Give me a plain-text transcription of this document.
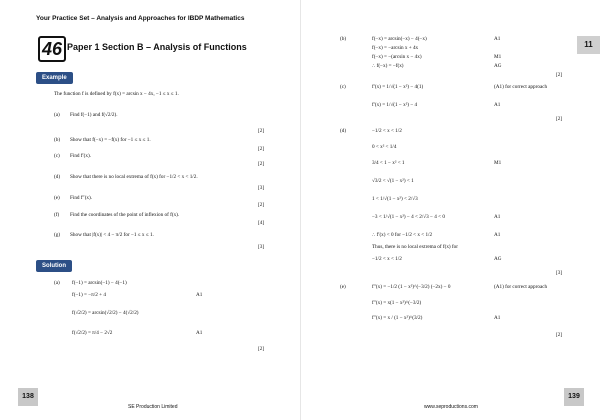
Your Practice Set – Analysis and Approaches for IBDP Mathematics
46 Paper 1 Section B – Analysis of Functions
Example
The function f is defined by f(x) = arcsin x − 4x, −1 ≤ x ≤ 1.
(a) Find f(−1) and f(√2/2).
[2]
(b) Show that f(−x) = −f(x) for −1 ≤ x ≤ 1.
[2]
(c) Find f′(x).
[2]
(d) Show that there is no local extrema of f(x) for −1/2 < x < 1/2.
[3]
(e) Find f″(x).
[2]
(f) Find the coordinates of the point of inflexion of f(x).
[4]
(g) Show that |f(x)| < 4 − π/2 for −1 ≤ x ≤ 1.
[3]
Solution
(a) f(−1) = arcsin(−1) − 4(−1)
f(−1) = −π/2 + 4	A1
f(√2/2) = arcsin(√2/2) − 4(√2/2)
f(√2/2) = π/4 − 2√2	A1
[2]
138
SE Production Limited
11
(b)	f(−x) = arcsin(−x) − 4(−x)	A1
f(−x) = −arcsin x + 4x
f(−x) = −(arcsin x − 4x)	M1
∴ f(−x) = −f(x)	AG
[2]
(c)	f′(x) = 1/√(1 − x²) − 4(1)	(A1) for correct approach
f′(x) = 1/√(1 − x²) − 4	A1
[2]
(d)	−1/2 < x < 1/2
0 < x² < 1/4
3/4 < 1 − x² < 1	M1
√3/2 < √(1 − x²) < 1
1 < 1/√(1 − x²) < 2/√3
−3 < 1/√(1 − x²) − 4 < 2/√3 − 4 < 0	A1
∴ f′(x) < 0 for −1/2 < x < 1/2	A1
Thus, there is no local extrema of f(x) for
−1/2 < x < 1/2	AG
[3]
(e)	f″(x) = −1/2 (1 − x²)^(−3/2) (−2x) − 0	(A1) for correct approach
f″(x) = x(1 − x²)^(−3/2)
f″(x) = x / (1 − x²)^(3/2)	A1
[2]
139
www.seproductions.com
